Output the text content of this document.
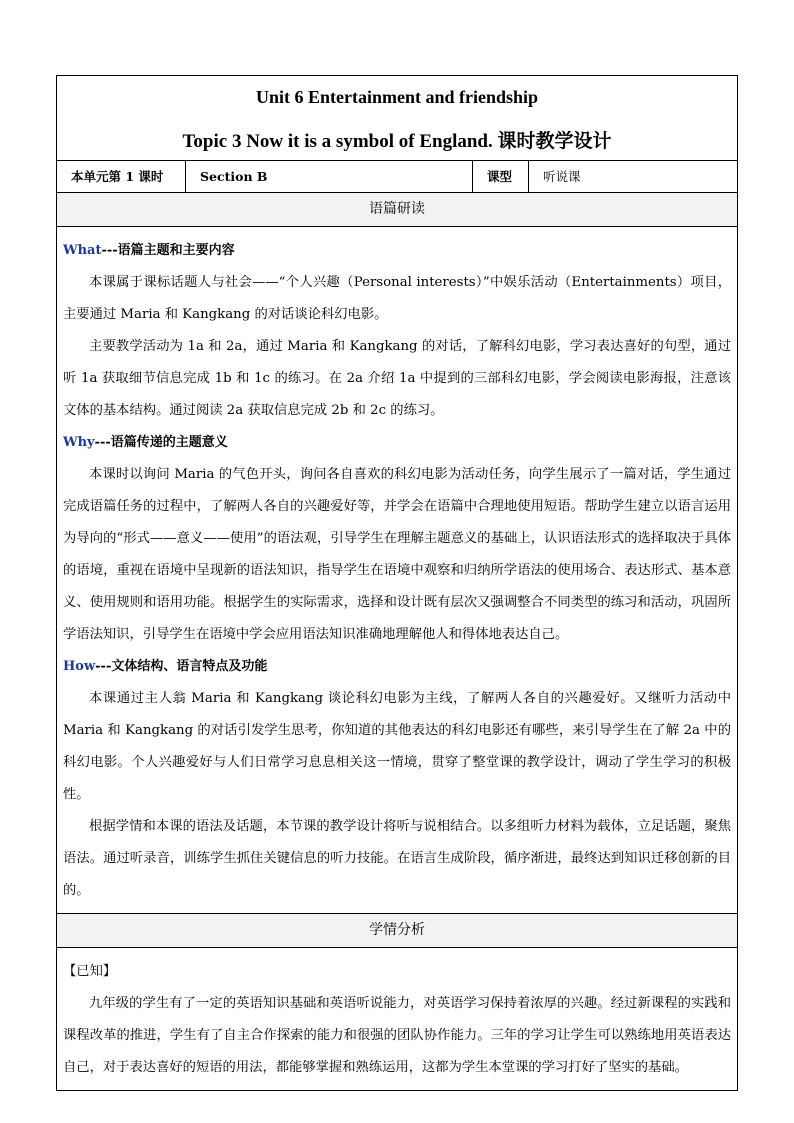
Unit 6 Entertainment and friendship
Topic 3 Now it is a symbol of England. 课时教学设计
本单元第 1 课时	Section B	课型	听说课
语篇研读
What---语篇主题和主要内容

本课属于课标话题人与社会——“个人兴趣（Personal interests）”中娱乐活动（Entertainments）项目，主要通过 Maria 和 Kangkang 的对话谈论科幻电影。

主要教学活动为 1a 和 2a，通过 Maria 和 Kangkang 的对话，了解科幻电影，学习表达喜好的句型，通过听 1a 获取细节信息完成 1b 和 1c 的练习。在 2a 介绍 1a 中提到的三部科幻电影，学会阅读电影海报，注意该文体的基本结构。通过阅读 2a 获取信息完成 2b 和 2c 的练习。

Why---语篇传递的主题意义

本课时以询问 Maria 的气色开头，询问各自喜欢的科幻电影为活动任务，向学生展示了一篇对话，学生通过完成语篇任务的过程中，了解两人各自的兴趣爱好等，并学会在语篇中合理地使用短语。帮助学生建立以语言运用为导向的“形式——意义——使用”的语法观，引导学生在理解主题意义的基础上，认识语法形式的选择取决于具体的语境，重视在语境中呈现新的语法知识，指导学生在语境中观察和归纳所学语法的使用场合、表达形式、基本意义、使用规则和语用功能。根据学生的实际需求，选择和设计既有层次又强调整合不同类型的练习和活动，巩固所学语法知识，引导学生在语境中学会应用语法知识准确地理解他人和得体地表达自己。

How---文体结构、语言特点及功能

本课通过主人翁 Maria 和 Kangkang 谈论科幻电影为主线，了解两人各自的兴趣爱好。又继听力活动中 Maria 和 Kangkang 的对话引发学生思考，你知道的其他表达的科幻电影还有哪些，来引导学生在了解 2a 中的科幻电影。个人兴趣爱好与人们日常学习息息相关这一情境，贯穿了整堂课的教学设计，调动了学生学习的积极性。

根据学情和本课的语法及话题，本节课的教学设计将听与说相结合。以多组听力材料为载体，立足话题，聚焦语法。通过听录音，训练学生抓住关键信息的听力技能。在语言生成阶段，循序渐进，最终达到知识迁移创新的目的。

学情分析

【已知】

九年级的学生有了一定的英语知识基础和英语听说能力，对英语学习保持着浓厚的兴趣。经过新课程的实践和课程改革的推进，学生有了自主合作探索的能力和很强的团队协作能力。三年的学习让学生可以熟练地用英语表达自己，对于表达喜好的短语的用法，都能够掌握和熟练运用，这都为学生本堂课的学习打好了坚实的基础。
